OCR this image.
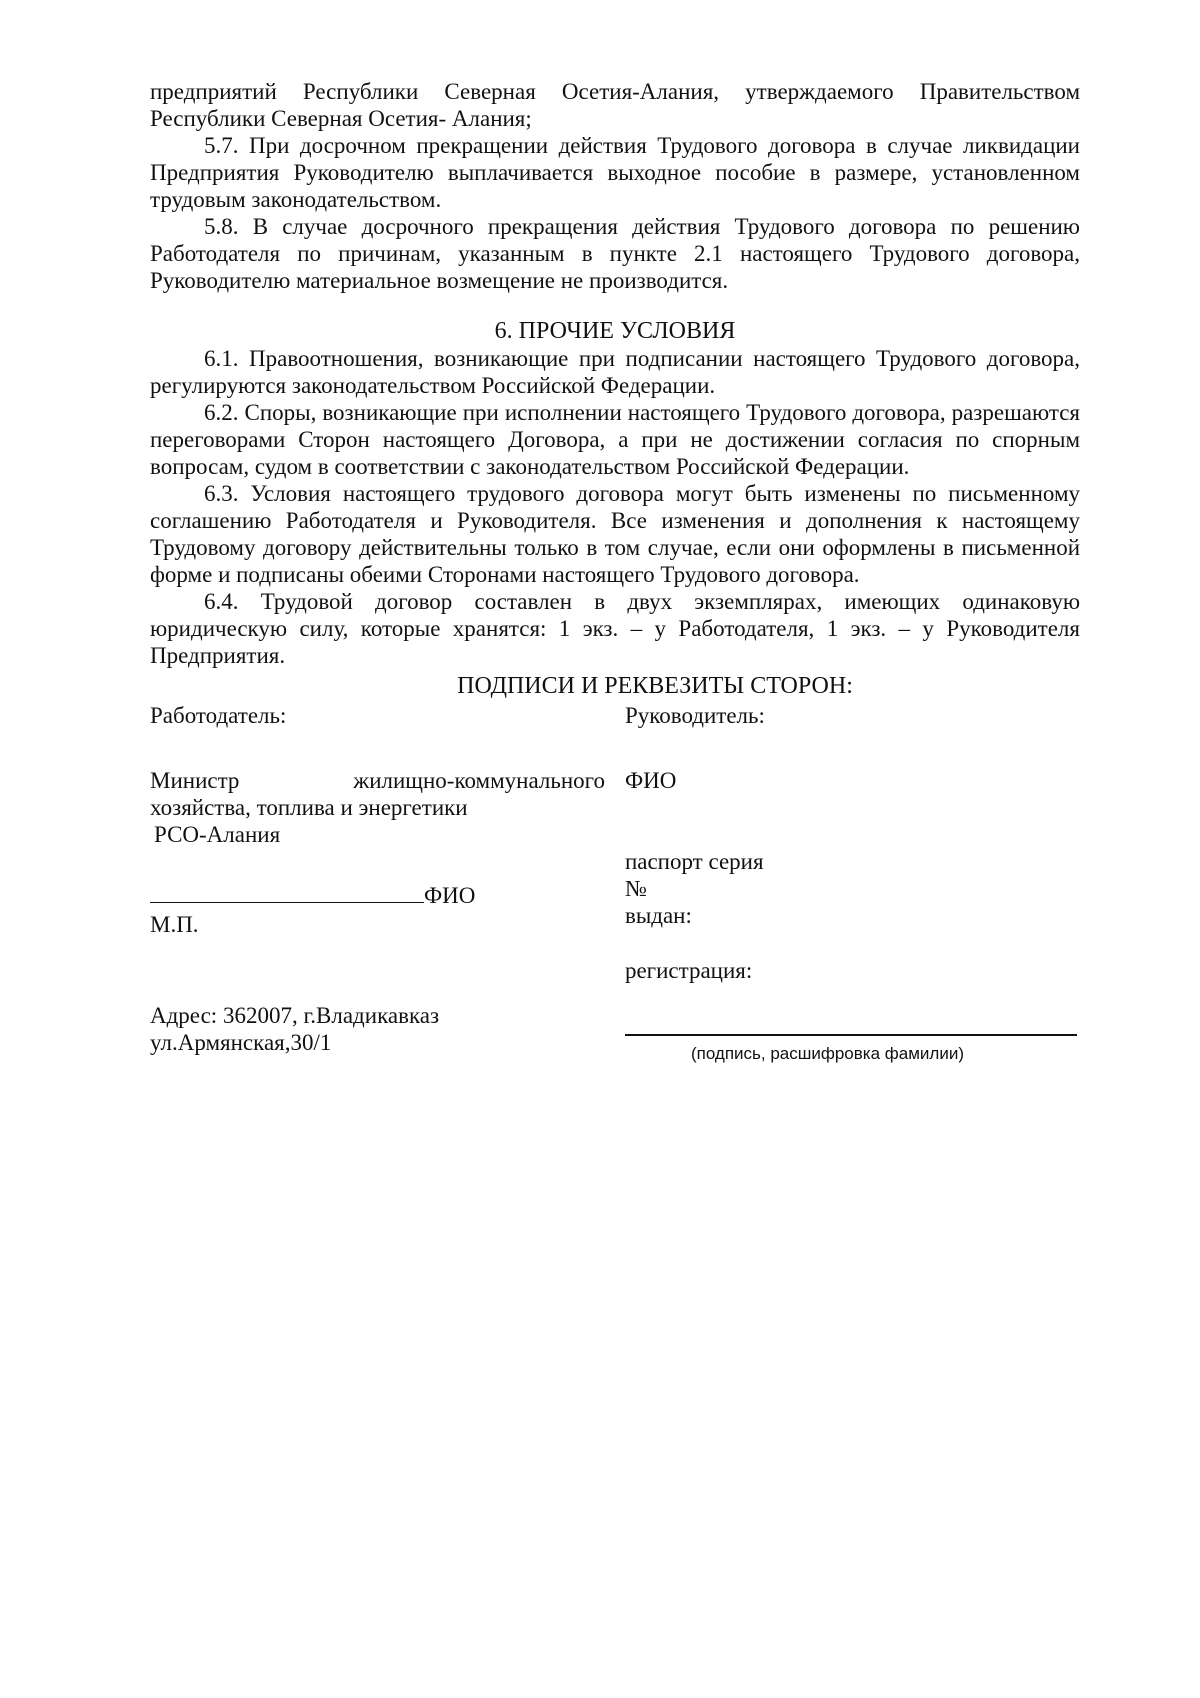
предприятий Республики Северная Осетия-Алания, утверждаемого Правительством Республики Северная Осетия- Алания;

5.7. При досрочном прекращении действия Трудового договора в случае ликвидации Предприятия Руководителю выплачивается выходное пособие в размере, установленном трудовым законодательством.

5.8. В случае досрочного прекращения действия Трудового договора по решению Работодателя по причинам, указанным в пункте 2.1 настоящего Трудового договора, Руководителю материальное возмещение не производится.

6. ПРОЧИЕ УСЛОВИЯ

6.1. Правоотношения, возникающие при подписании настоящего Трудового договора, регулируются законодательством Российской Федерации.

6.2. Споры, возникающие при исполнении настоящего Трудового договора, разрешаются переговорами Сторон настоящего Договора, а при не достижении согласия по спорным вопросам, судом в соответствии с законодательством Российской Федерации.

6.3. Условия настоящего трудового договора могут быть изменены по письменному соглашению Работодателя и Руководителя. Все изменения и дополнения к настоящему Трудовому договору действительны только в том случае, если они оформлены в письменной форме и подписаны обеими Сторонами настоящего Трудового договора.

6.4. Трудовой договор составлен в двух экземплярах, имеющих одинаковую юридическую силу, которые хранятся: 1 экз. – у Работодателя, 1 экз. – у Руководителя Предприятия.

ПОДПИСИ И РЕКВЕЗИТЫ СТОРОН:
Работодатель:
Министр	жилищно-коммунального
хозяйства, топлива и энергетики
РСО-Алания
ФИО
М.П.
Адрес: 362007, г.Владикавказ
ул.Армянская,30/1
Руководитель:
ФИО
паспорт серия
№
выдан:
регистрация:
(подпись, расшифровка фамилии)
